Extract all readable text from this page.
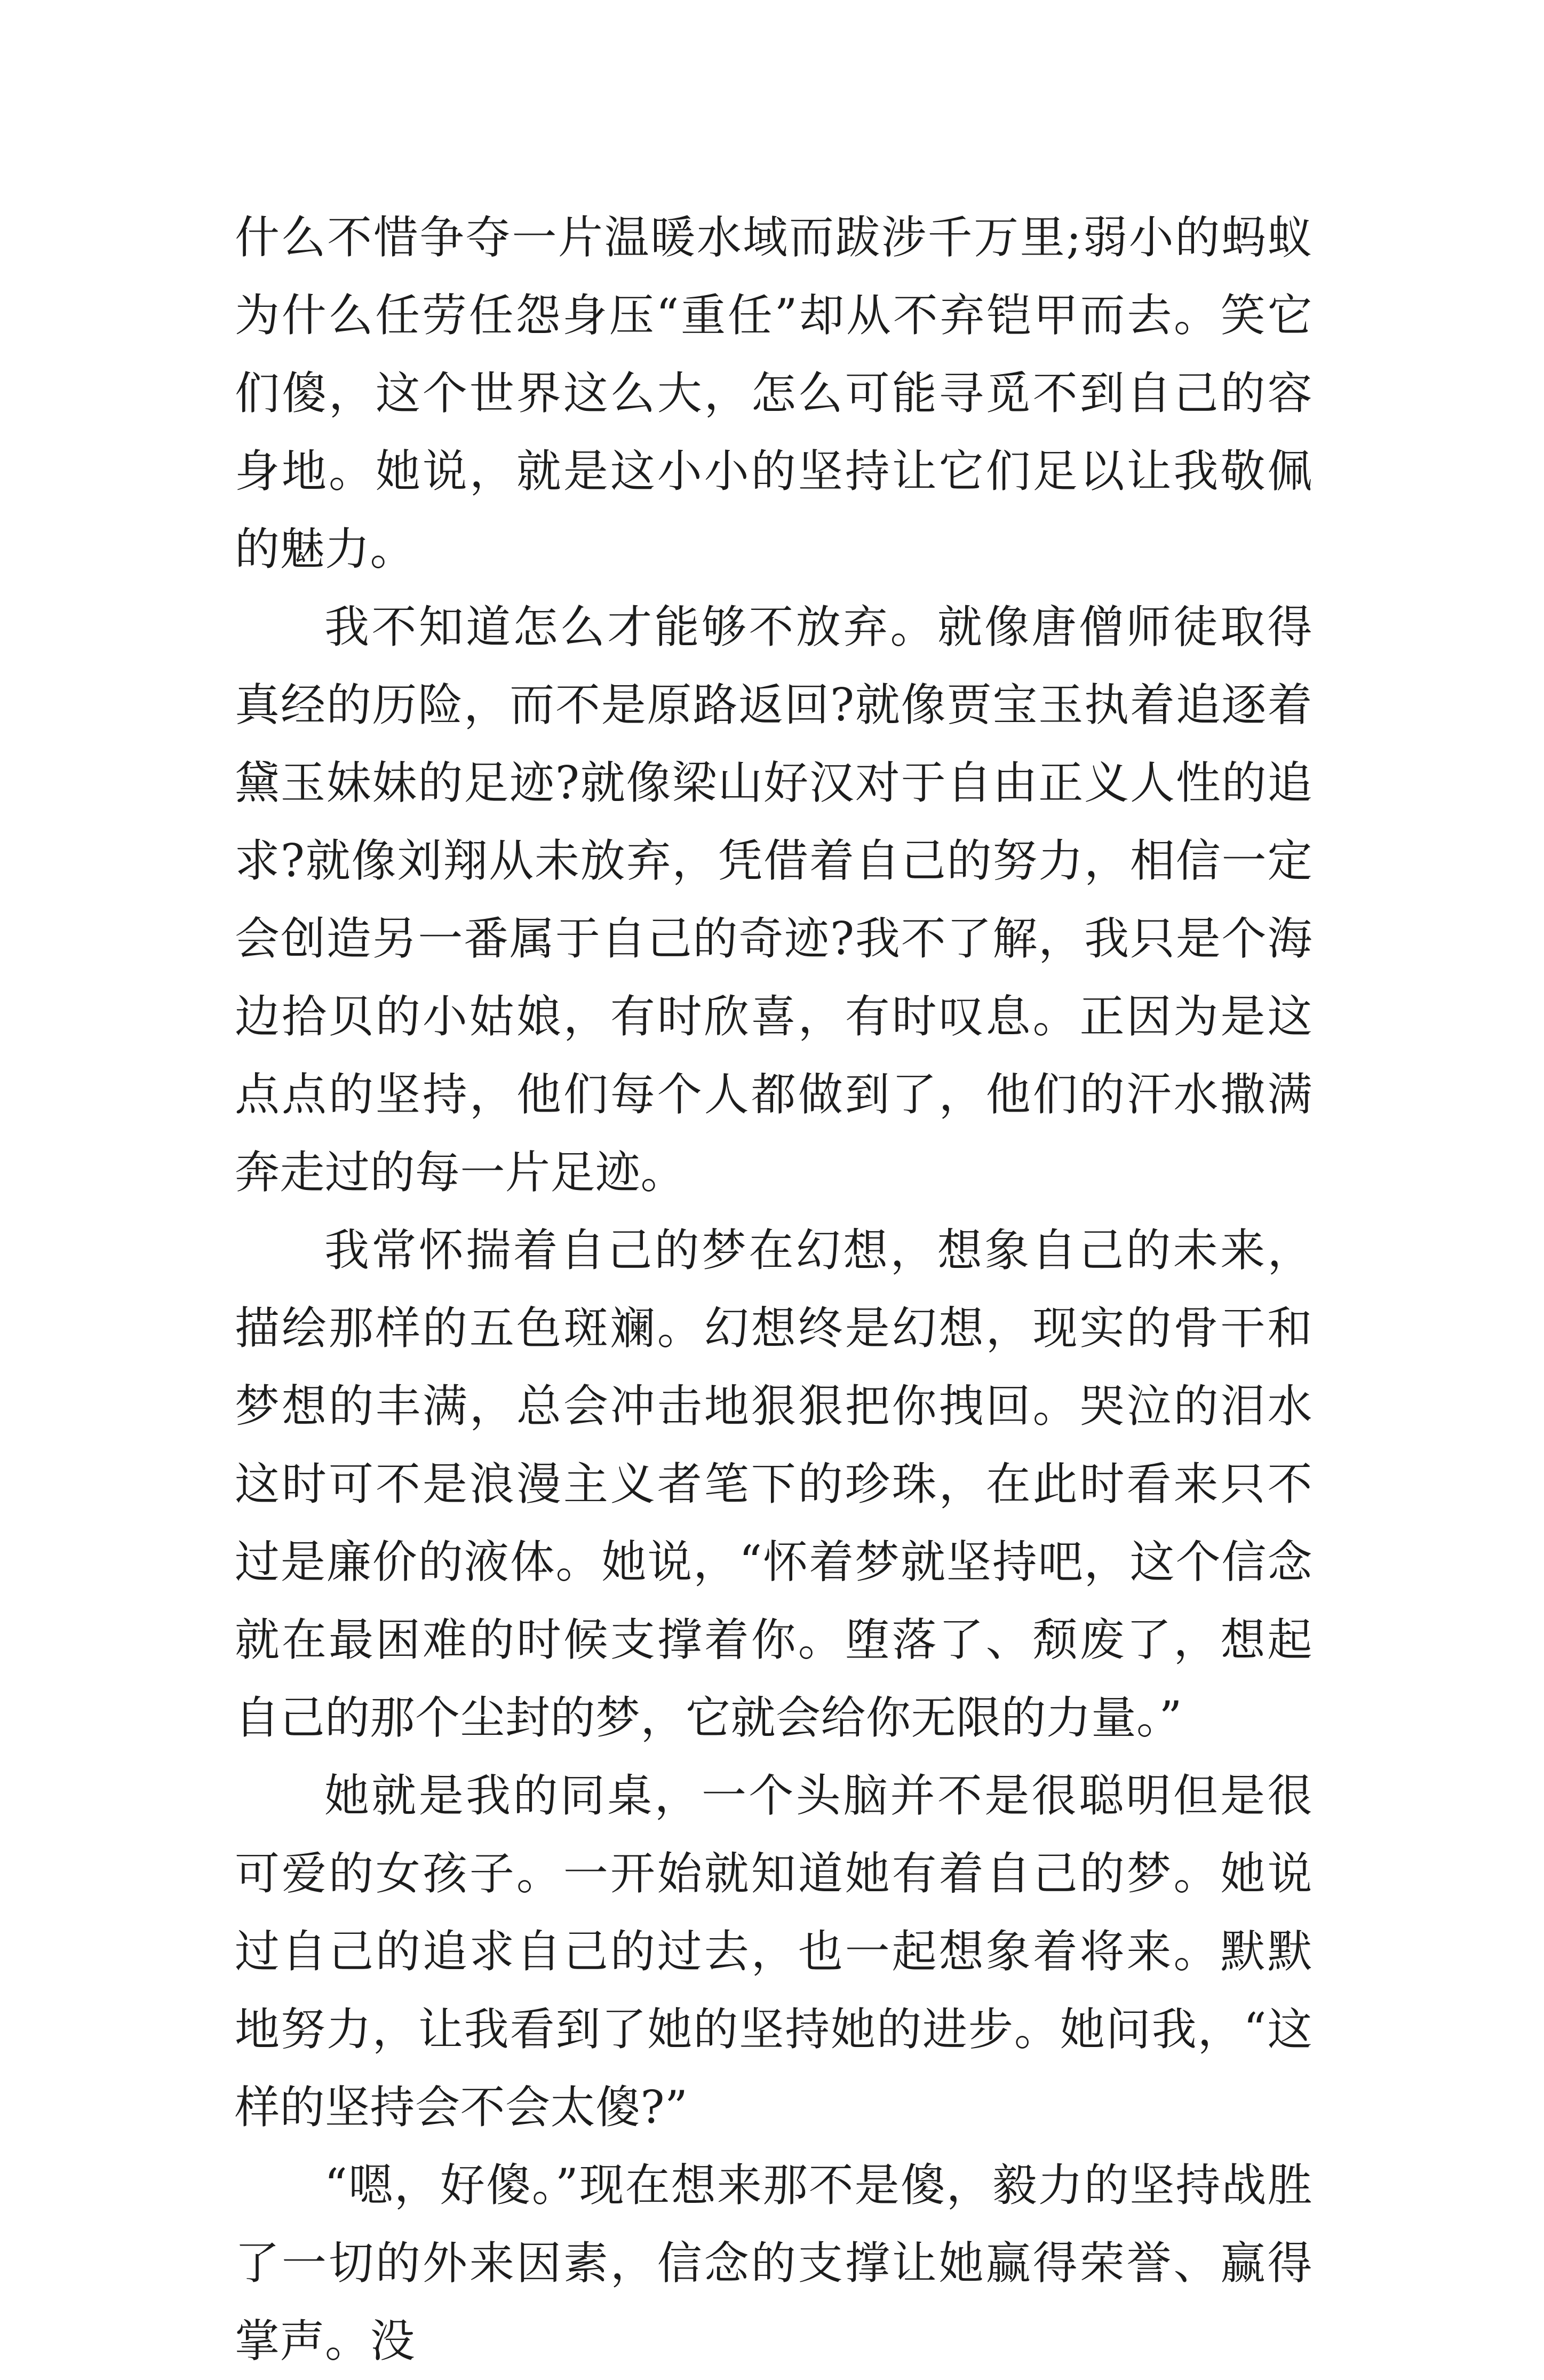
什么不惜争夺一片温暖水域而跋涉千万里;弱小的蚂蚁为什么任劳任怨身压“重任”却从不弃铠甲而去。笑它们傻，这个世界这么大，怎么可能寻觅不到自己的容身地。她说，就是这小小的坚持让它们足以让我敬佩的魅力。

我不知道怎么才能够不放弃。就像唐僧师徒取得真经的历险，而不是原路返回?就像贾宝玉执着追逐着黛玉妹妹的足迹?就像梁山好汉对于自由正义人性的追求?就像刘翔从未放弃，凭借着自己的努力，相信一定会创造另一番属于自己的奇迹?我不了解，我只是个海边拾贝的小姑娘，有时欣喜，有时叹息。正因为是这点点的坚持，他们每个人都做到了，他们的汗水撒满奔走过的每一片足迹。

我常怀揣着自己的梦在幻想，想象自己的未来，描绘那样的五色斑斓。幻想终是幻想，现实的骨干和梦想的丰满，总会冲击地狠狠把你拽回。哭泣的泪水这时可不是浪漫主义者笔下的珍珠，在此时看来只不过是廉价的液体。她说，“怀着梦就坚持吧，这个信念就在最困难的时候支撑着你。堕落了、颓废了，想起自己的那个尘封的梦，它就会给你无限的力量。”

她就是我的同桌，一个头脑并不是很聪明但是很可爱的女孩子。一开始就知道她有着自己的梦。她说过自己的追求自己的过去，也一起想象着将来。默默地努力，让我看到了她的坚持她的进步。她问我，“这样的坚持会不会太傻?”

“嗯，好傻。”现在想来那不是傻，毅力的坚持战胜了一切的外来因素，信念的支撑让她赢得荣誉、赢得掌声。没
